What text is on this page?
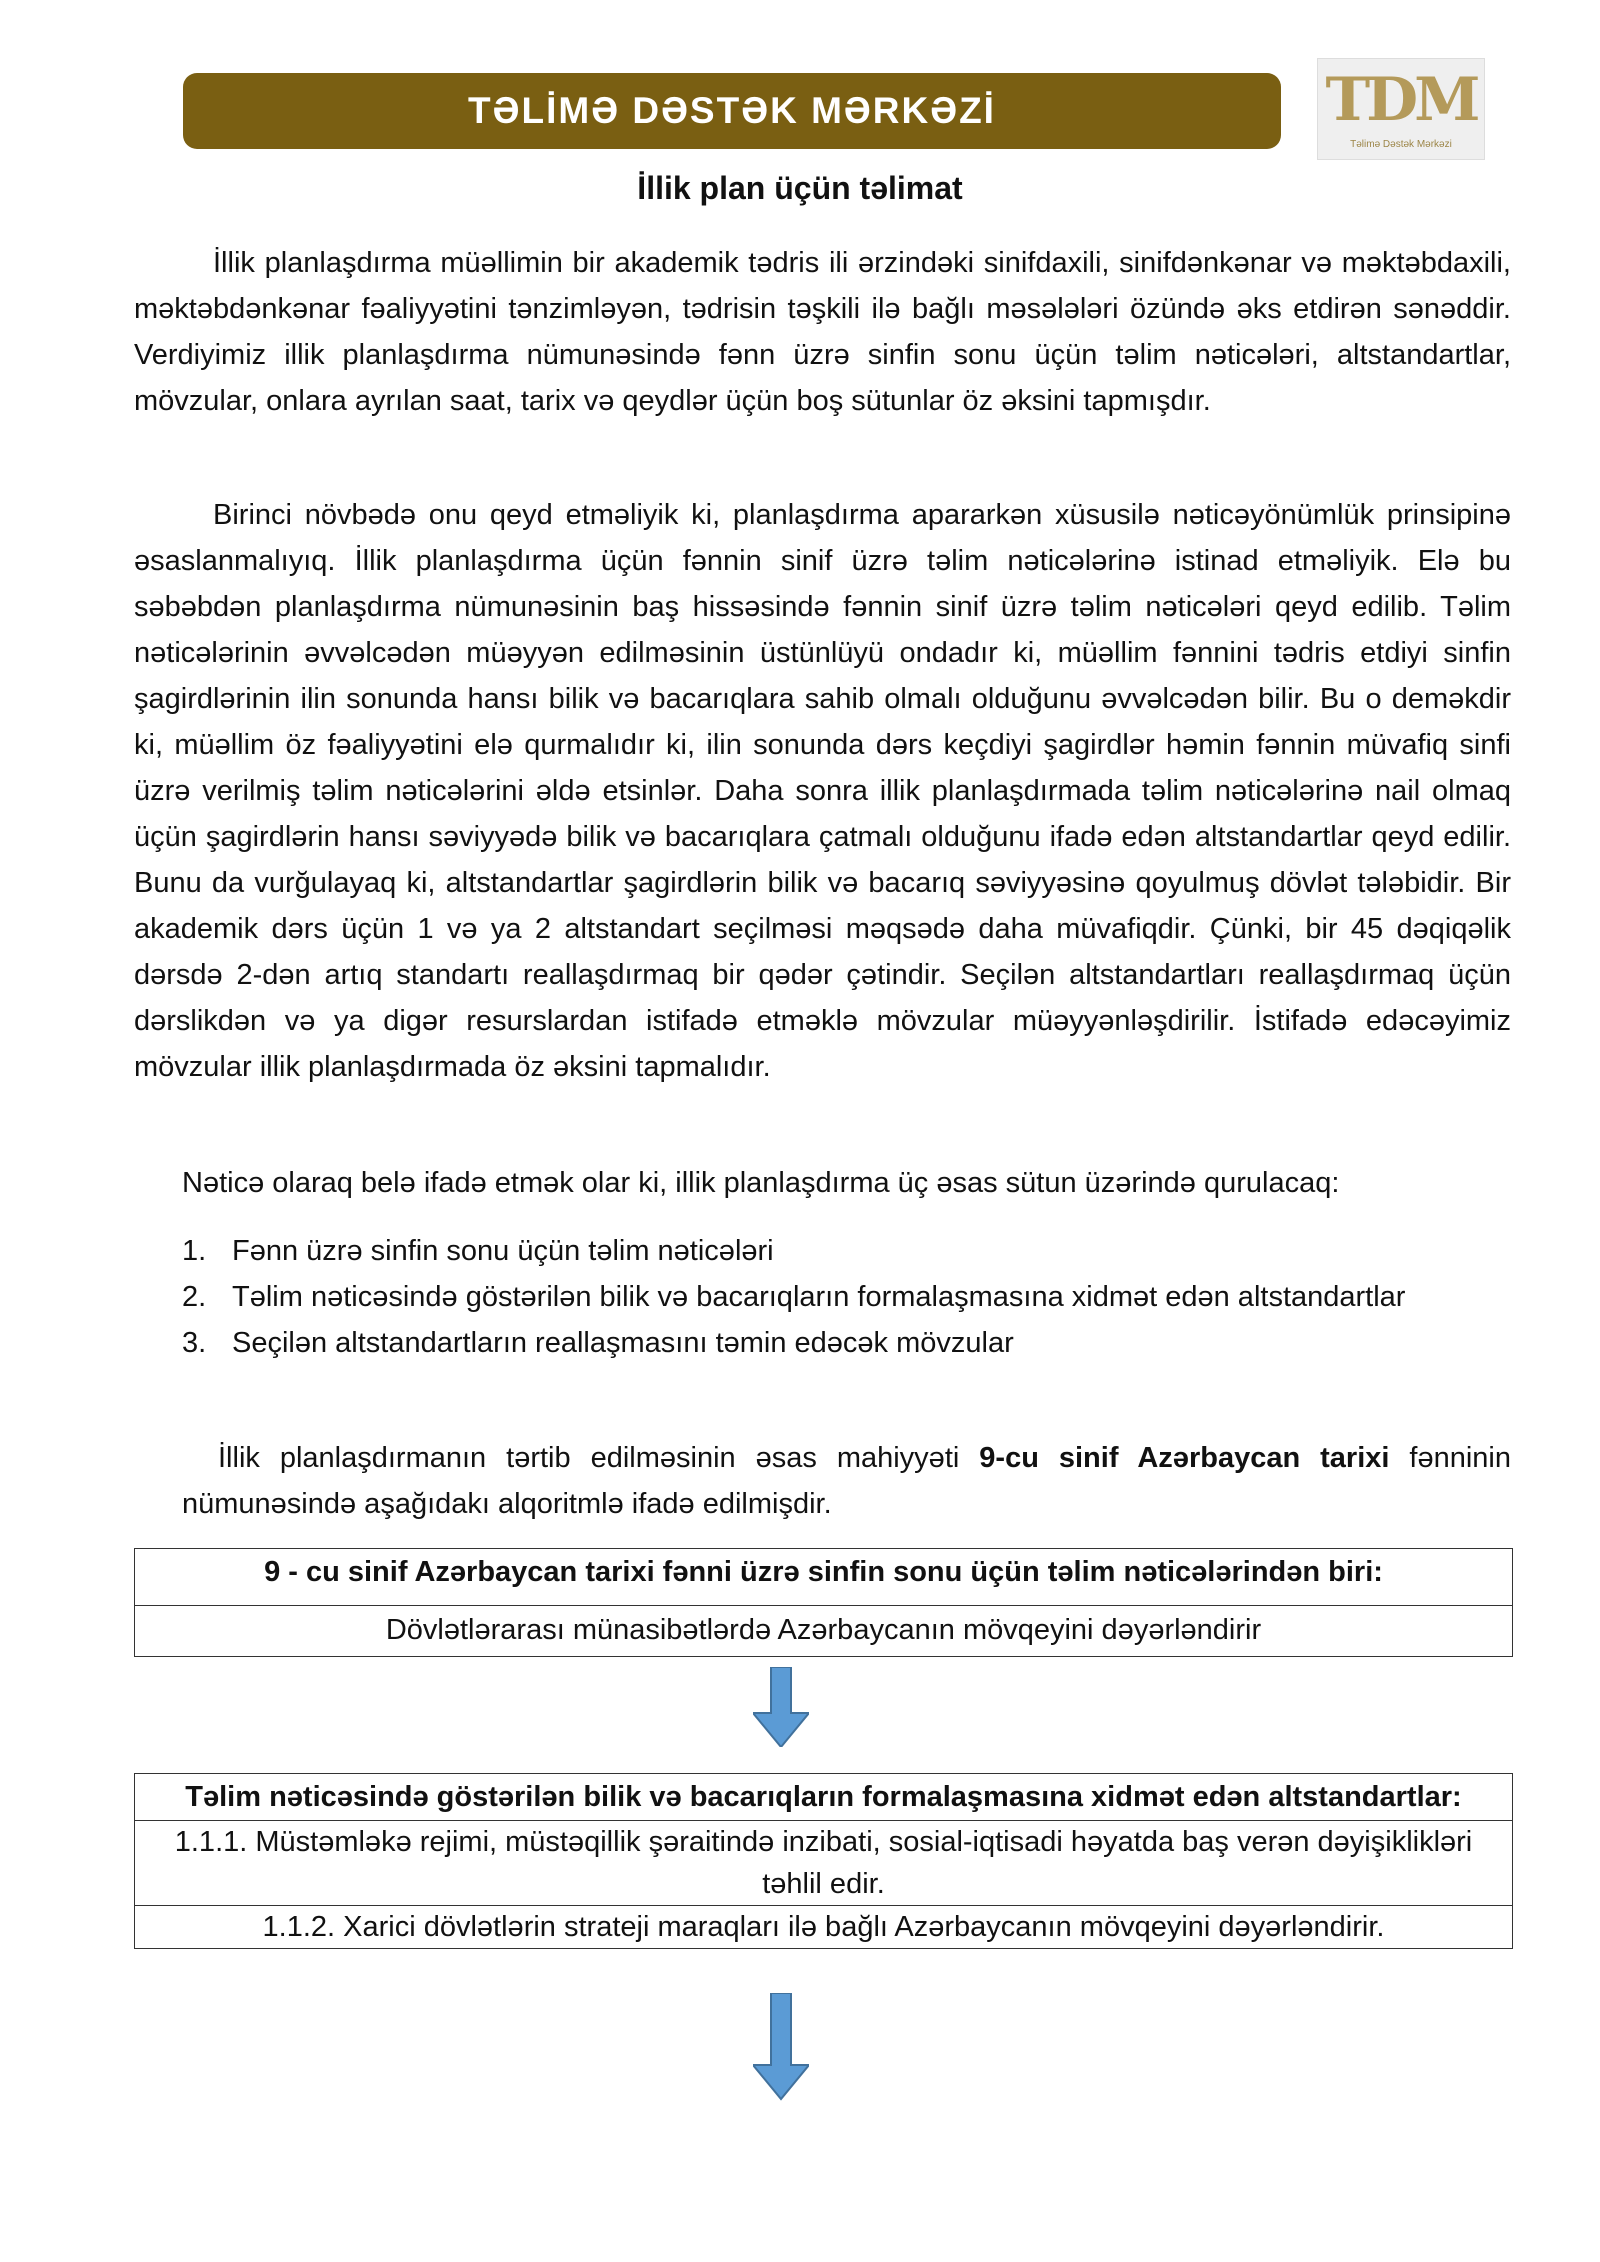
TƏLİMƏ DƏSTƏK MƏRKƏZİ	TDM
Təlimə Dəstək Mərkəzi
İllik plan üçün təlimat

İllik planlaşdırma müəllimin bir akademik tədris ili ərzindəki sinifdaxili, sinifdənkənar və məktəbdaxili, məktəbdənkənar fəaliyyətini tənzimləyən, tədrisin təşkili ilə bağlı məsələləri özündə əks etdirən sənəddir. Verdiyimiz illik planlaşdırma nümunəsində fənn üzrə sinfin sonu üçün təlim nəticələri, altstandartlar, mövzular, onlara ayrılan saat, tarix və qeydlər üçün boş sütunlar öz əksini tapmışdır.

Birinci növbədə onu qeyd etməliyik ki, planlaşdırma apararkən xüsusilə nəticəyönümlük prinsipinə əsaslanmalıyıq. İllik planlaşdırma üçün fənnin sinif üzrə təlim nəticələrinə istinad etməliyik. Elə bu səbəbdən planlaşdırma nümunəsinin baş hissəsində fənnin sinif üzrə təlim nəticələri qeyd edilib. Təlim nəticələrinin əvvəlcədən müəyyən edilməsinin üstünlüyü ondadır ki, müəllim fənnini tədris etdiyi sinfin şagirdlərinin ilin sonunda hansı bilik və bacarıqlara sahib olmalı olduğunu əvvəlcədən bilir. Bu o deməkdir ki, müəllim öz fəaliyyətini elə qurmalıdır ki, ilin sonunda dərs keçdiyi şagirdlər həmin fənnin müvafiq sinfi üzrə verilmiş təlim nəticələrini əldə etsinlər. Daha sonra illik planlaşdırmada təlim nəticələrinə nail olmaq üçün şagirdlərin hansı səviyyədə bilik və bacarıqlara çatmalı olduğunu ifadə edən altstandartlar qeyd edilir. Bunu da vurğulayaq ki, altstandartlar şagirdlərin bilik və bacarıq səviyyəsinə qoyulmuş dövlət tələbidir. Bir akademik dərs üçün 1 və ya 2 altstandart seçilməsi məqsədə daha müvafiqdir. Çünki, bir 45 dəqiqəlik dərsdə 2-dən artıq standartı reallaşdırmaq bir qədər çətindir. Seçilən altstandartları reallaşdırmaq üçün dərslikdən və ya digər resurslardan istifadə etməklə mövzular müəyyənləşdirilir. İstifadə edəcəyimiz mövzular illik planlaşdırmada öz əksini tapmalıdır.

Nəticə olaraq belə ifadə etmək olar ki, illik planlaşdırma üç əsas sütun üzərində qurulacaq:

1. Fənn üzrə sinfin sonu üçün təlim nəticələri
2. Təlim nəticəsində göstərilən bilik və bacarıqların formalaşmasına xidmət edən altstandartlar
3. Seçilən altstandartların reallaşmasını təmin edəcək mövzular

İllik planlaşdırmanın tərtib edilməsinin əsas mahiyyəti 9-cu sinif Azərbaycan tarixi fənninin nümunəsində aşağıdakı alqoritmlə ifadə edilmişdir.

9 - cu sinif Azərbaycan tarixi fənni üzrə sinfin sonu üçün təlim nəticələrindən biri:
Dövlətlərarası münasibətlərdə Azərbaycanın mövqeyini dəyərləndirir
Təlim nəticəsində göstərilən bilik və bacarıqların formalaşmasına xidmət edən altstandartlar:
1.1.1. Müstəmləkə rejimi, müstəqillik şəraitində inzibati, sosial-iqtisadi həyatda baş verən dəyişiklikləri təhlil edir.
1.1.2. Xarici dövlətlərin strateji maraqları ilə bağlı Azərbaycanın mövqeyini dəyərləndirir.
